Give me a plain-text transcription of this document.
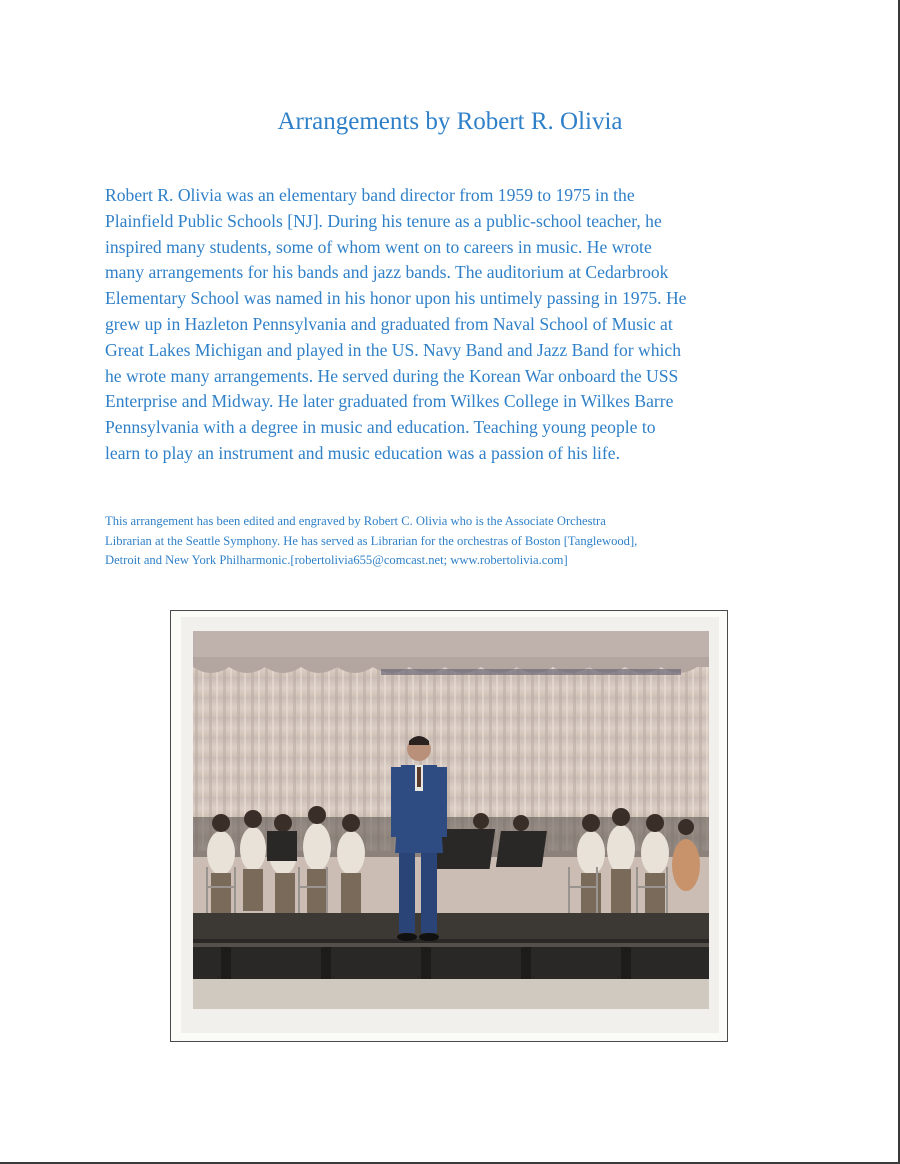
Arrangements by Robert R. Olivia

Robert R. Olivia was an elementary band director from 1959 to 1975 in the
Plainfield Public Schools [NJ]. During his tenure as a public-school teacher, he
inspired many students, some of whom went on to careers in music. He wrote
many arrangements for his bands and jazz bands. The auditorium at Cedarbrook
Elementary School was named in his honor upon his untimely passing in 1975. He
grew up in Hazleton Pennsylvania and graduated from Naval School of Music at
Great Lakes Michigan and played in the US. Navy Band and Jazz Band for which
he wrote many arrangements. He served during the Korean War onboard the USS
Enterprise and Midway. He later graduated from Wilkes College in Wilkes Barre
Pennsylvania with a degree in music and education. Teaching young people to
learn to play an instrument and music education was a passion of his life.

This arrangement has been edited and engraved by Robert C. Olivia who is the Associate Orchestra
Librarian at the Seattle Symphony. He has served as Librarian for the orchestras of Boston [Tanglewood],
Detroit and New York Philharmonic.[robertolivia655@comcast.net; www.robertolivia.com]
